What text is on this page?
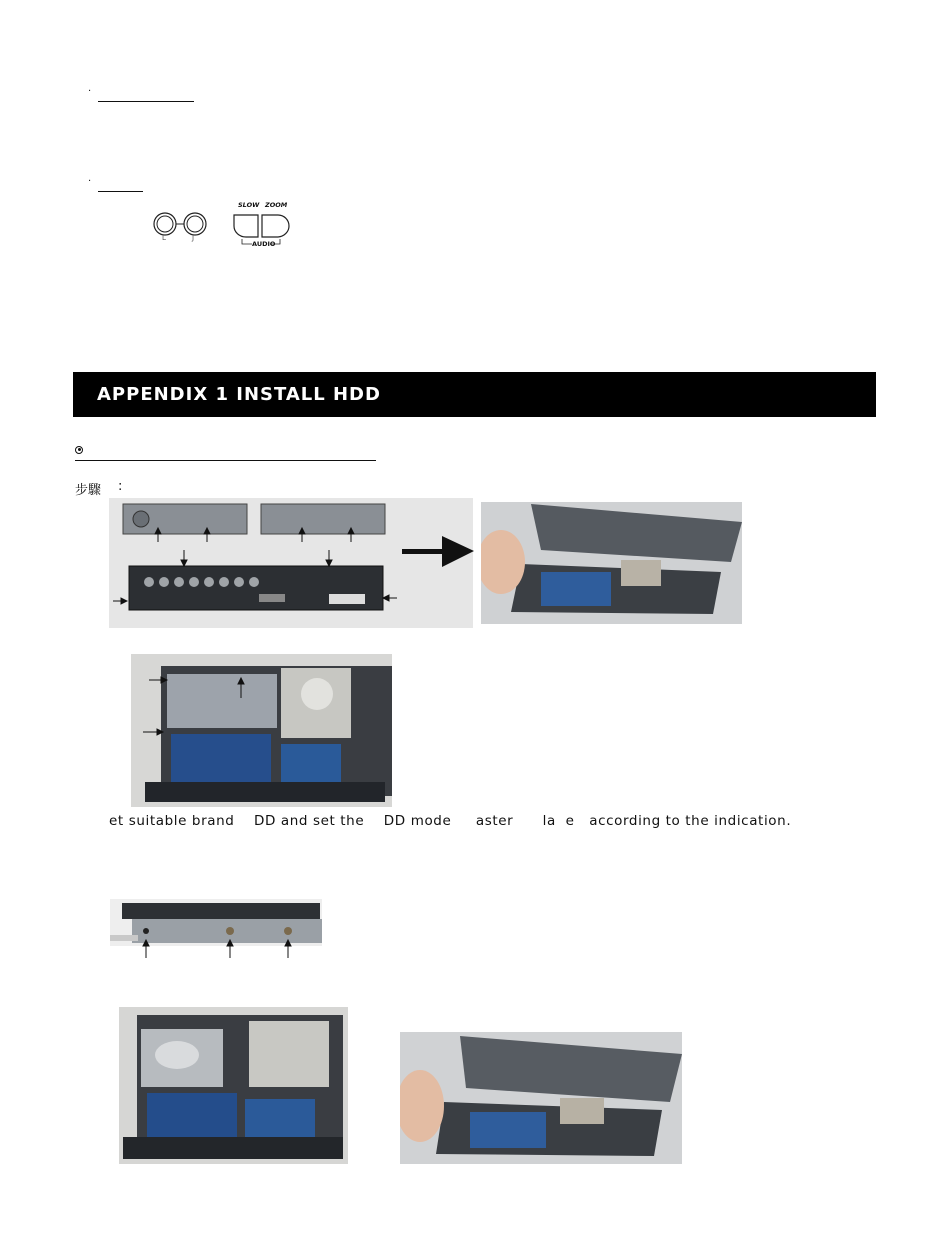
·
·
L	J
SLOW ZOOM
AUDIO
APPENDIX 1 INSTALL HDD
步驟 :
et suitable brand    DD and set the    DD mode     aster      la  e   according to the indication.
